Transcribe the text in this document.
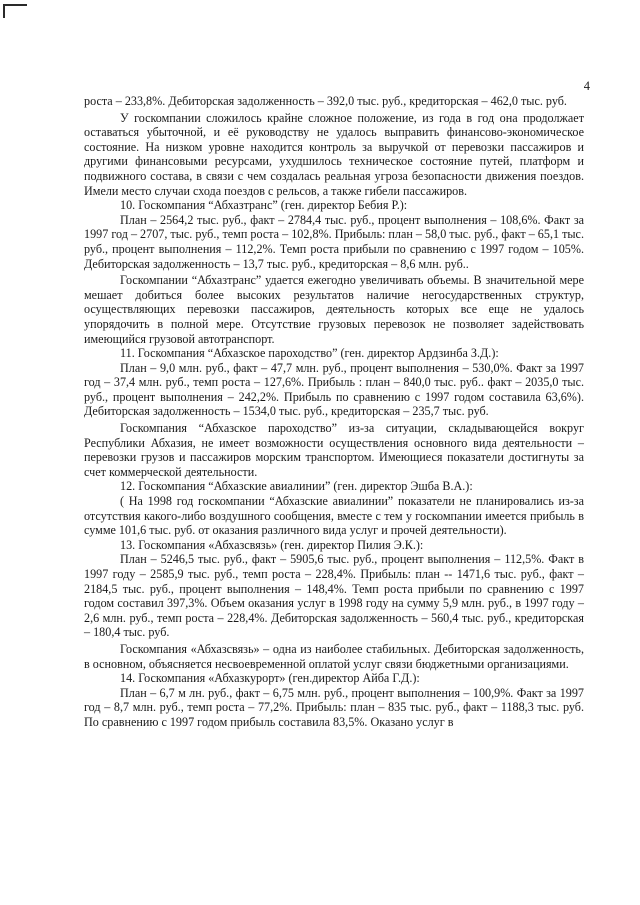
4

роста – 233,8%. Дебиторская задолженность – 392,0 тыс. руб., кредиторская – 462,0 тыс. руб.

У госкомпании сложилось крайне сложное положение, из года в год она продолжает оставаться убыточной, и её руководству не удалось выправить финансово-экономическое состояние. На низком уровне находится контроль за выручкой от перевозки пассажиров и другими финансовыми ресурсами, ухудшилось техническое состояние путей, платформ и подвижного состава, в связи с чем создалась реальная угроза безопасности движения поездов. Имели место случаи схода поездов с рельсов, а также гибели пассажиров.

10. Госкомпания “Абхазтранс” (ген. директор Бебия Р.):

План – 2564,2 тыс. руб., факт – 2784,4 тыс. руб., процент выполнения – 108,6%. Факт за 1997 год – 2707, тыс. руб., темп роста – 102,8%. Прибыль: план – 58,0 тыс. руб., факт – 65,1 тыс. руб., процент выполнения – 112,2%. Темп роста прибыли по сравнению с 1997 годом – 105%. Дебиторская задолженность – 13,7 тыс. руб., кредиторская – 8,6 млн. руб..

Госкомпании “Абхазтранс” удается ежегодно увеличивать объемы. В значительной мере мешает добиться более высоких результатов наличие негосударственных структур, осуществляющих перевозки пассажиров, деятельность которых все еще не удалось упорядочить в полной мере. Отсутствие грузовых перевозок не позволяет задействовать имеющийся грузовой автотранспорт.

11. Госкомпания “Абхазское пароходство” (ген. директор Ардзинба З.Д.):

План – 9,0 млн. руб., факт – 47,7 млн. руб., процент выполнения – 530,0%. Факт за 1997 год – 37,4 млн. руб., темп роста – 127,6%. Прибыль : план – 840,0 тыс. руб.. факт – 2035,0 тыс. руб., процент выполнения – 242,2%. Прибыль по сравнению с 1997 годом составила 63,6%). Дебиторская задолженность – 1534,0 тыс. руб., кредиторская – 235,7 тыс. руб.

Госкомпания “Абхазское пароходство” из-за ситуации, складывающейся вокруг Республики Абхазия, не имеет возможности осуществления основного вида деятельности – перевозки грузов и пассажиров морским транспортом. Имеющиеся показатели достигнуты за счет коммерческой деятельности.

12. Госкомпания “Абхазские авиалинии” (ген. директор Эшба В.А.):

( На 1998 год госкомпании “Абхазские авиалинии” показатели не планировались из-за отсутствия какого-либо воздушного сообщения, вместе с тем у госкомпании имеется прибыль в сумме 101,6 тыс. руб. от оказания различного вида услуг и прочей деятельности).

13. Госкомпания «Абхазсвязь» (ген. директор Пилия Э.К.):

План – 5246,5 тыс. руб., факт – 5905,6 тыс. руб., процент выполнения – 112,5%. Факт в 1997 году – 2585,9 тыс. руб., темп роста – 228,4%. Прибыль: план -- 1471,6 тыс. руб., факт – 2184,5 тыс. руб., процент выполнения – 148,4%. Темп роста прибыли по сравнению с 1997 годом составил 397,3%. Объем оказания услуг в 1998 году на сумму 5,9 млн. руб., в 1997 году – 2,6 млн. руб., темп роста – 228,4%. Дебиторская задолженность – 560,4 тыс. руб., кредиторская – 180,4 тыс. руб.

Госкомпания «Абхазсвязь» – одна из наиболее стабильных. Дебиторская задолженность, в основном, объясняется несвоевременной оплатой услуг связи бюджетными организациями.

14. Госкомпания «Абхазкурорт» (ген.директор Айба Г.Д.):

План – 6,7 м лн. руб., факт – 6,75 млн. руб., процент выполнения – 100,9%. Факт за 1997 год – 8,7 млн. руб., темп роста – 77,2%. Прибыль: план – 835 тыс. руб., факт – 1188,3 тыс. руб. По сравнению с 1997 годом прибыль составила 83,5%. Оказано услуг в
